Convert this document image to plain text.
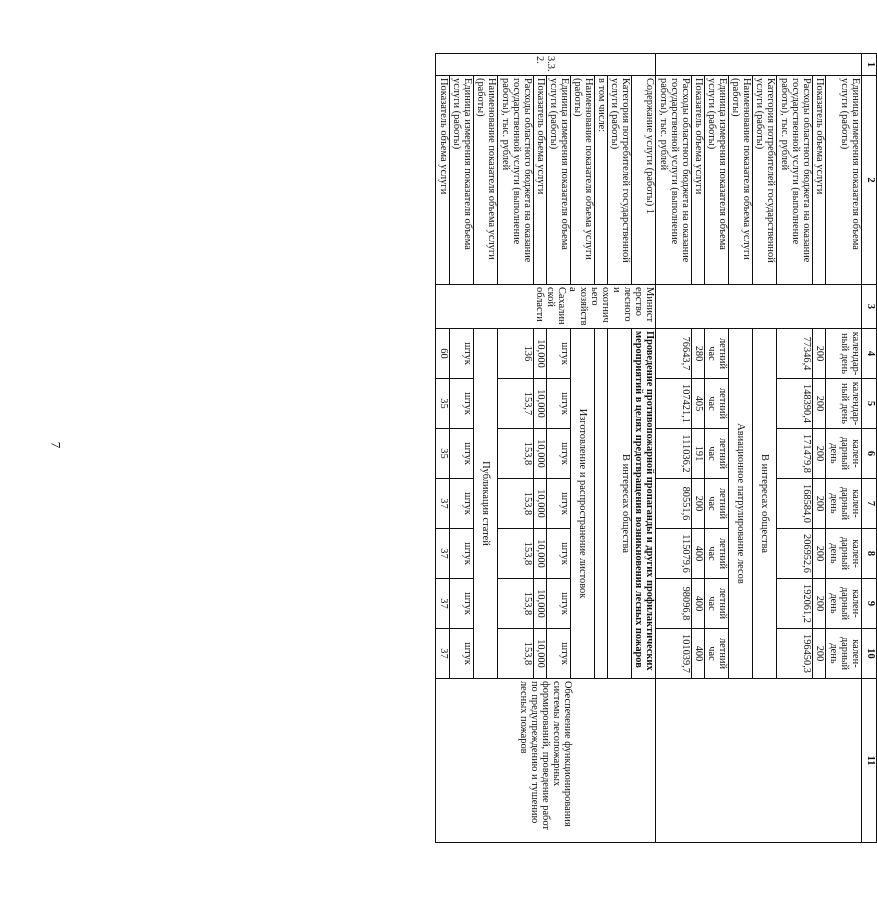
7
1	2	3	4	5	6	7	8	9	10	11
	Единица измерения показателя объема услуги (работы)		календар-ный день	календар-ный день	кален-дарный день	кален-дарный день	кален-дарный день	кален-дарный день	кален-дарный день	
	Показатель объема услуги		200	200	200	200	200	200	200	
	Расходы областного бюджета на оказание государственной услуги (выполнение работы), тыс. рублей		77346,4	148390,4	171479,8	168584,0	206952,6	192061,2	196450,3	
	Категория потребителей государственной услуги (работы)		В интересах общества							
	Наименование показателя объема услуги (работы)		Авиационное патрулирование лесов							
	Единица измерения показателя объема услуги (работы)		летний час	летний час	летний час	летний час	летний час	летний час	летний час	
	Показатель объема услуги		280	405	191	200	400	400	400	
	Расходы областного бюджета на оказание государственной услуги (выполнение работы), тыс. рублей		76643,7	107421,1	111036,2	80551,6	115079,6	98096,8	101039,7	
3.3.2.	Содержание услуги (работы) 1	Министерство лесного и охотничьего хозяйства Сахалинской области	Проведение противопожарной пропаганды и других профилактических мероприятий в целях предотвращения возникновения лесных пожаров							Обеспечение функционирования системы лесопожарных формирований, проведение работ по предупреждению и тушению лесных пожаров
	Категория потребителей государственной услуги (работы)		В интересах общества							
	в том числе:									
	Наименование показателя объема услуги (работы)		Изготовление и распространение листовок							
	Единица измерения показателя объема услуги (работы)		штук	штук	штук	штук	штук	штук	штук	
	Показатель объема услуги		10,000	10,000	10,000	10,000	10,000	10,000	10,000	
	Расходы областного бюджета на оказание государственной услуги (выполнение работы), тыс. рублей		136	153,7	153,8	153,8	153,8	153,8	153,8	
	Наименование показателя объема услуги (работы)		Публикация статей							
	Единица измерения показателя объема услуги (работы)		штук	штук	штук	штук	штук	штук	штук	
	Показатель объема услуги		60	35	35	37	37	37	37	
